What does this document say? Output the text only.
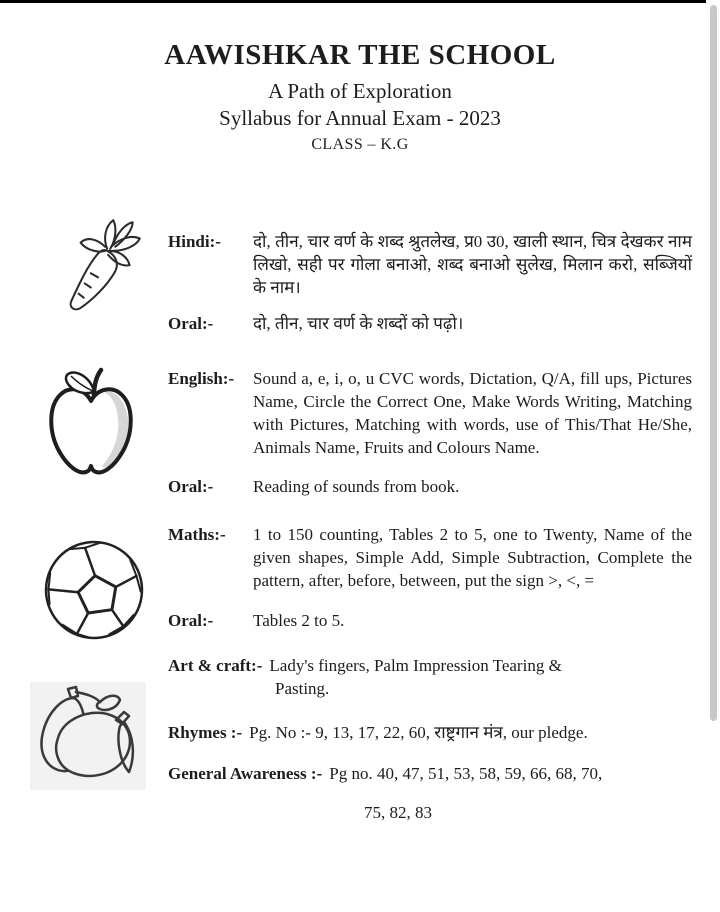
AAWISHKAR THE SCHOOL
A Path of Exploration
Syllabus for Annual Exam - 2023
CLASS – K.G
Hindi:-	दो, तीन, चार वर्ण के शब्द श्रुतलेख, प्र0 उ0, खाली स्थान, चित्र देखकर नाम लिखो, सही पर गोला बनाओ, शब्द बनाओ सुलेख, मिलान करो, सब्जियों के नाम।
Oral:-	दो, तीन, चार वर्ण के शब्दों को पढ़ो।
English:-	Sound a, e, i, o, u CVC words, Dictation, Q/A, fill ups, Pictures Name, Circle the Correct One, Make Words Writing, Matching with Pictures, Matching with words, use of This/That He/She, Animals Name, Fruits and Colours Name.
Oral:-	Reading of sounds from book.
Maths:-	1 to 150 counting, Tables 2 to 5, one to Twenty, Name of the given shapes, Simple Add, Simple Subtraction, Complete the pattern, after, before, between, put the sign >, <, =
Oral:-	Tables 2 to 5.
Art & craft:- Lady's fingers, Palm Impression Tearing &
Pasting.
Rhymes :- Pg. No :- 9, 13, 17, 22, 60, राष्ट्रगान मंत्र, our pledge.
General Awareness :- Pg no. 40, 47, 51, 53, 58, 59, 66, 68, 70,
75, 82, 83
